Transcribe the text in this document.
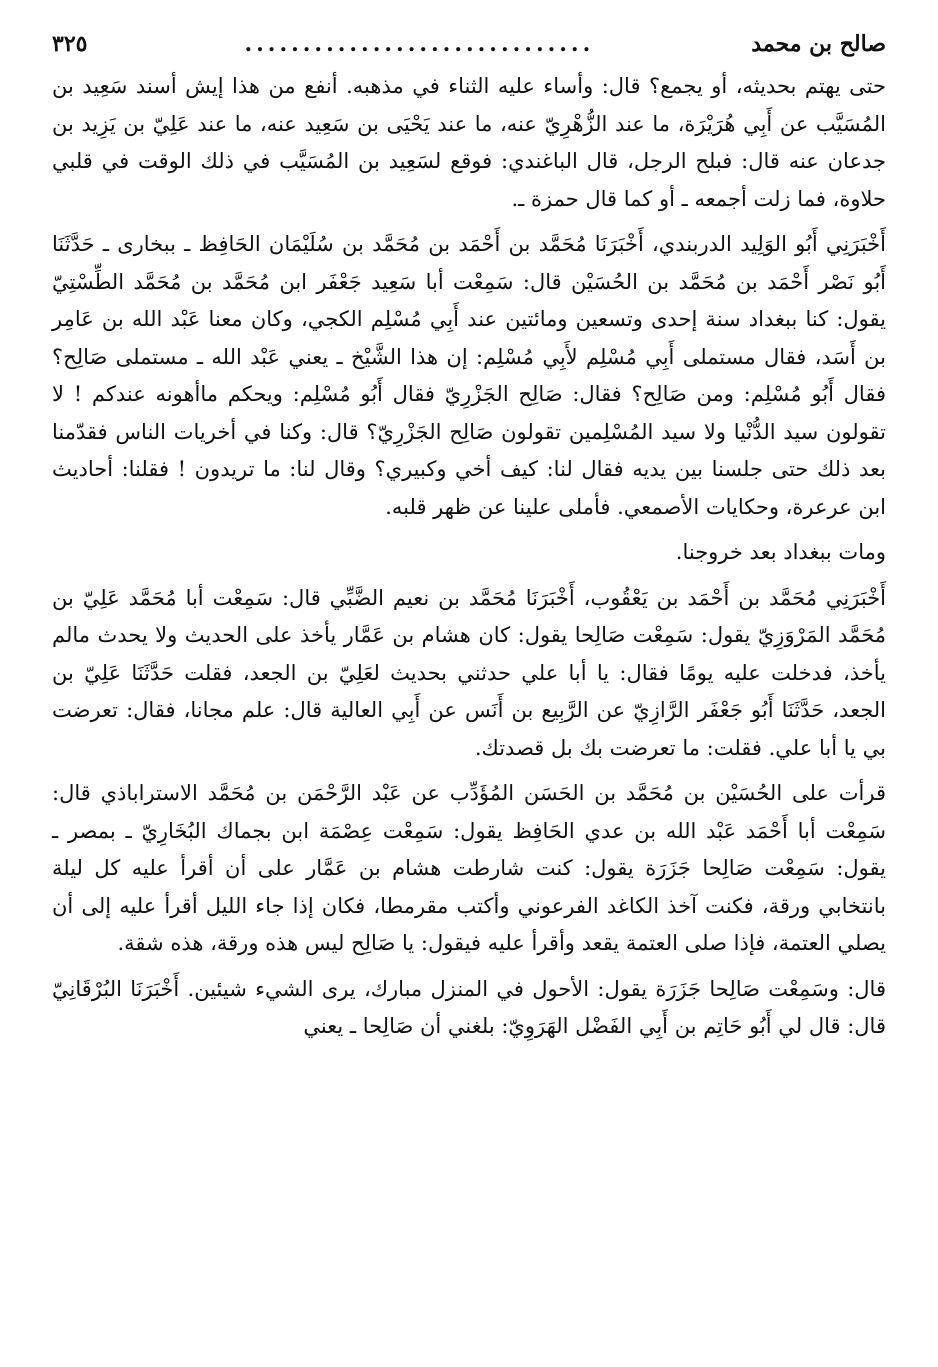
صالح بن محمد
..............................
٣٢٥

حتى يهتم بحديثه، أو يجمع؟ قال: وأساء عليه الثناء في مذهبه. أنفع من هذا إيش أسند سَعِيد بن المُسَيَّب عن أَبِي هُرَيْرَة، ما عند الزُّهْرِيّ عنه، ما عند يَحْيَى بن سَعِيد عنه، ما عند عَلِيّ بن يَزِيد بن جدعان عنه قال: فبلح الرجل، قال الباغندي: فوقع لسَعِيد بن المُسَيَّب في ذلك الوقت في قلبي حلاوة، فما زلت أجمعه ـ أو كما قال حمزة ـ.

أَخْبَرَنِي أَبُو الوَلِيد الدربندي، أَخْبَرَنَا مُحَمَّد بن أَحْمَد بن مُحَمَّد بن سُلَيْمَان الحَافِظ ـ ببخارى ـ حَدَّثَنَا أَبُو نَصْر أَحْمَد بن مُحَمَّد بن الحُسَيْن قال: سَمِعْت أبا سَعِيد جَعْفَر ابن مُحَمَّد بن مُحَمَّد الطِّسْتِيّ يقول: كنا ببغداد سنة إحدى وتسعين ومائتين عند أَبِي مُسْلِم الكجي، وكان معنا عَبْد الله بن عَامِر بن أَسَد، فقال مستملى أَبِي مُسْلِم لأَبِي مُسْلِم: إن هذا الشَّيْخ ـ يعني عَبْد الله ـ مستملى صَالِح؟ فقال أَبُو مُسْلِم: ومن صَالِح؟ فقال: صَالِح الجَزْرِيّ فقال أَبُو مُسْلِم: ويحكم ماأهونه عندكم ! لا تقولون سيد الدُّنْيا ولا سيد المُسْلِمين تقولون صَالِح الجَزْرِيّ؟ قال: وكنا في أخريات الناس فقدّمنا بعد ذلك حتى جلسنا بين يديه فقال لنا: كيف أخي وكبيري؟ وقال لنا: ما تريدون ! فقلنا: أحاديث ابن عرعرة، وحكايات الأصمعي. فأملى علينا عن ظهر قلبه.

ومات ببغداد بعد خروجنا.

أَخْبَرَنِي مُحَمَّد بن أَحْمَد بن يَعْقُوب، أَخْبَرَنَا مُحَمَّد بن نعيم الضَّبِّي قال: سَمِعْت أبا مُحَمَّد عَلِيّ بن مُحَمَّد المَرْوَزِيّ يقول: سَمِعْت صَالِحا يقول: كان هشام بن عَمَّار يأخذ على الحديث ولا يحدث مالم يأخذ، فدخلت عليه يومًا فقال: يا أبا علي حدثني بحديث لعَلِيّ بن الجعد، فقلت حَدَّثَنَا عَلِيّ بن الجعد، حَدَّثَنَا أَبُو جَعْفَر الرَّازِيّ عن الرَّبِيع بن أَنَس عن أَبِي العالية قال: علم مجانا، فقال: تعرضت بي يا أبا علي. فقلت: ما تعرضت بك بل قصدتك.

قرأت على الحُسَيْن بن مُحَمَّد بن الحَسَن المُؤَدِّب عن عَبْد الرَّحْمَن بن مُحَمَّد الاستراباذي قال: سَمِعْت أبا أَحْمَد عَبْد الله بن عدي الحَافِظ يقول: سَمِعْت عِصْمَة ابن بجماك البُخَارِيّ ـ بمصر ـ يقول: سَمِعْت صَالِحا جَزَرَة يقول: كنت شارطت هشام بن عَمَّار على أن أقرأ عليه كل ليلة بانتخابي ورقة، فكنت آخذ الكاغد الفرعوني وأكتب مقرمطا، فكان إذا جاء الليل أقرأ عليه إلى أن يصلي العتمة، فإذا صلى العتمة يقعد وأقرأ عليه فيقول: يا صَالِح ليس هذه ورقة، هذه شقة.

قال: وسَمِعْت صَالِحا جَزَرَة يقول: الأحول في المنزل مبارك، يرى الشيء شيئين. أَخْبَرَنَا البُرْقَانِيّ قال: قال لي أَبُو حَاتِم بن أَبِي الفَضْل الهَرَوِيّ: بلغني أن صَالِحا ـ يعني
